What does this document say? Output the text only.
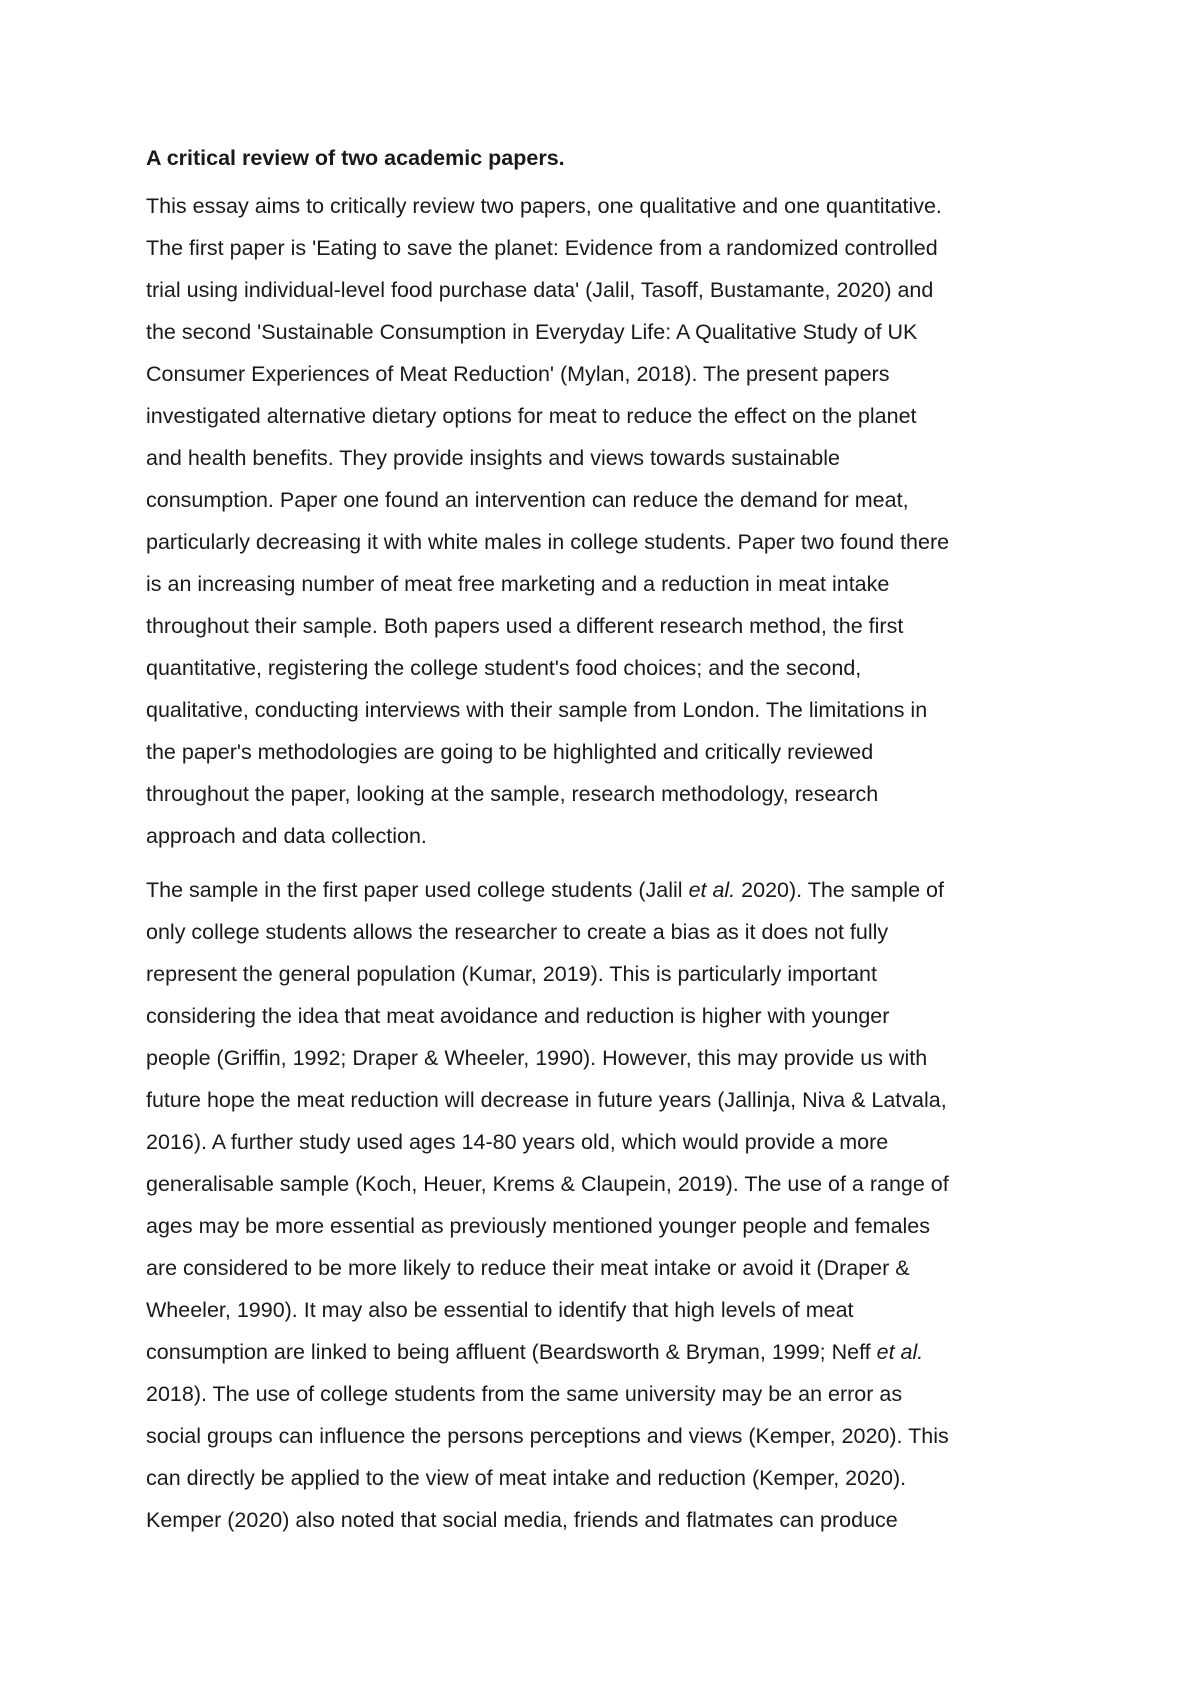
A critical review of two academic papers.

This essay aims to critically review two papers, one qualitative and one quantitative.
The first paper is 'Eating to save the planet: Evidence from a randomized controlled
trial using individual-level food purchase data' (Jalil, Tasoff, Bustamante, 2020) and
the second 'Sustainable Consumption in Everyday Life: A Qualitative Study of UK
Consumer Experiences of Meat Reduction' (Mylan, 2018). The present papers
investigated alternative dietary options for meat to reduce the effect on the planet
and health benefits. They provide insights and views towards sustainable
consumption. Paper one found an intervention can reduce the demand for meat,
particularly decreasing it with white males in college students. Paper two found there
is an increasing number of meat free marketing and a reduction in meat intake
throughout their sample. Both papers used a different research method, the first
quantitative, registering the college student's food choices; and the second,
qualitative, conducting interviews with their sample from London. The limitations in
the paper's methodologies are going to be highlighted and critically reviewed
throughout the paper, looking at the sample, research methodology, research
approach and data collection.

The sample in the first paper used college students (Jalil et al. 2020). The sample of
only college students allows the researcher to create a bias as it does not fully
represent the general population (Kumar, 2019). This is particularly important
considering the idea that meat avoidance and reduction is higher with younger
people (Griffin, 1992; Draper & Wheeler, 1990). However, this may provide us with
future hope the meat reduction will decrease in future years (Jallinja, Niva & Latvala,
2016). A further study used ages 14-80 years old, which would provide a more
generalisable sample (Koch, Heuer, Krems & Claupein, 2019). The use of a range of
ages may be more essential as previously mentioned younger people and females
are considered to be more likely to reduce their meat intake or avoid it (Draper &
Wheeler, 1990). It may also be essential to identify that high levels of meat
consumption are linked to being affluent (Beardsworth & Bryman, 1999; Neff et al.
2018). The use of college students from the same university may be an error as
social groups can influence the persons perceptions and views (Kemper, 2020). This
can directly be applied to the view of meat intake and reduction (Kemper, 2020).
Kemper (2020) also noted that social media, friends and flatmates can produce
